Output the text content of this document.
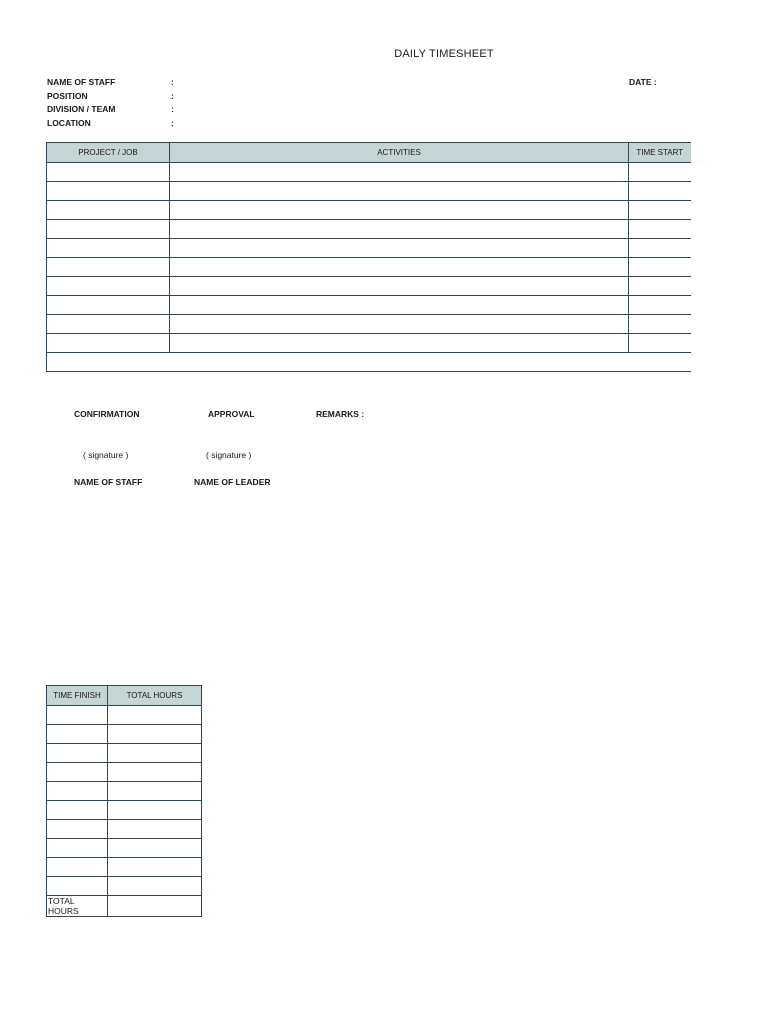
DAILY TIMESHEET
NAME OF STAFF	:
POSITION	:
DIVISION / TEAM	:
LOCATION	:
DATE :
PROJECT / JOB	ACTIVITIES	TIME START

CONFIRMATION	APPROVAL	REMARKS :
( signature )	( signature )
NAME OF STAFF	NAME OF LEADER
TIME FINISH	TOTAL HOURS

TOTAL HOURS	
